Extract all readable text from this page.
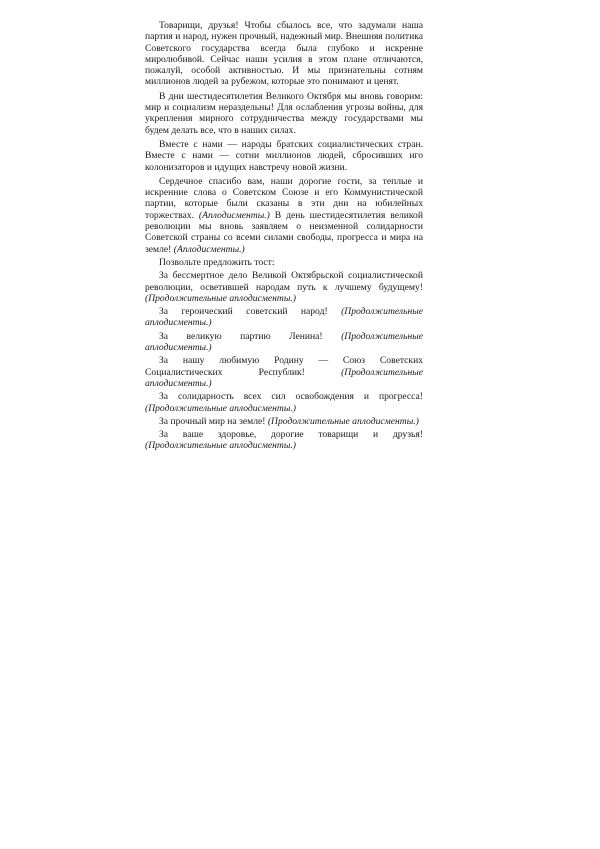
Товарищи, друзья! Чтобы сбылось все, что задумали наша партия и народ, нужен прочный, надежный мир. Внешняя политика Советского государства всегда была глубоко и искренне миролюбивой. Сейчас наши усилия в этом плане отличаются, пожалуй, особой активностью. И мы признательны сотням миллионов людей за рубежом, которые это понимают и ценят.

В дни шестидесятилетия Великого Октября мы вновь говорим: мир и социализм нераздельны! Для ослабления угрозы войны, для укрепления мирного сотрудничества между государствами мы будем делать все, что в наших силах.

Вместе с нами — народы братских социалистических стран. Вместе с нами — сотни миллионов людей, сбросивших иго колонизаторов и идущих навстречу новой жизни.

Сердечное спасибо вам, наши дорогие гости, за теплые и искренние слова о Советском Союзе и его Коммунистической партии, которые были сказаны в эти дни на юбилейных торжествах. (Аплодисменты.) В день шестидесятилетия великой революции мы вновь заявляем о неизменной солидарности Советской страны со всеми силами свободы, прогресса и мира на земле! (Аплодисменты.)

Позвольте предложить тост:

За бессмертное дело Великой Октябрьской социалистической революции, осветившей народам путь к лучшему будущему! (Продолжительные аплодисменты.)

За героический советский народ! (Продолжительные аплодисменты.)

За великую партию Ленина! (Продолжительные аплодисменты.)

За нашу любимую Родину — Союз Советских Социалистических Республик!	(Продолжительные аплодисменты.)

За солидарность всех сил освобождения и прогресса! (Продолжительные аплодисменты.)

За прочный мир на земле! (Продолжительные аплодисменты.)

За ваше здоровье, дорогие товарищи и друзья! (Продолжительные аплодисменты.)
